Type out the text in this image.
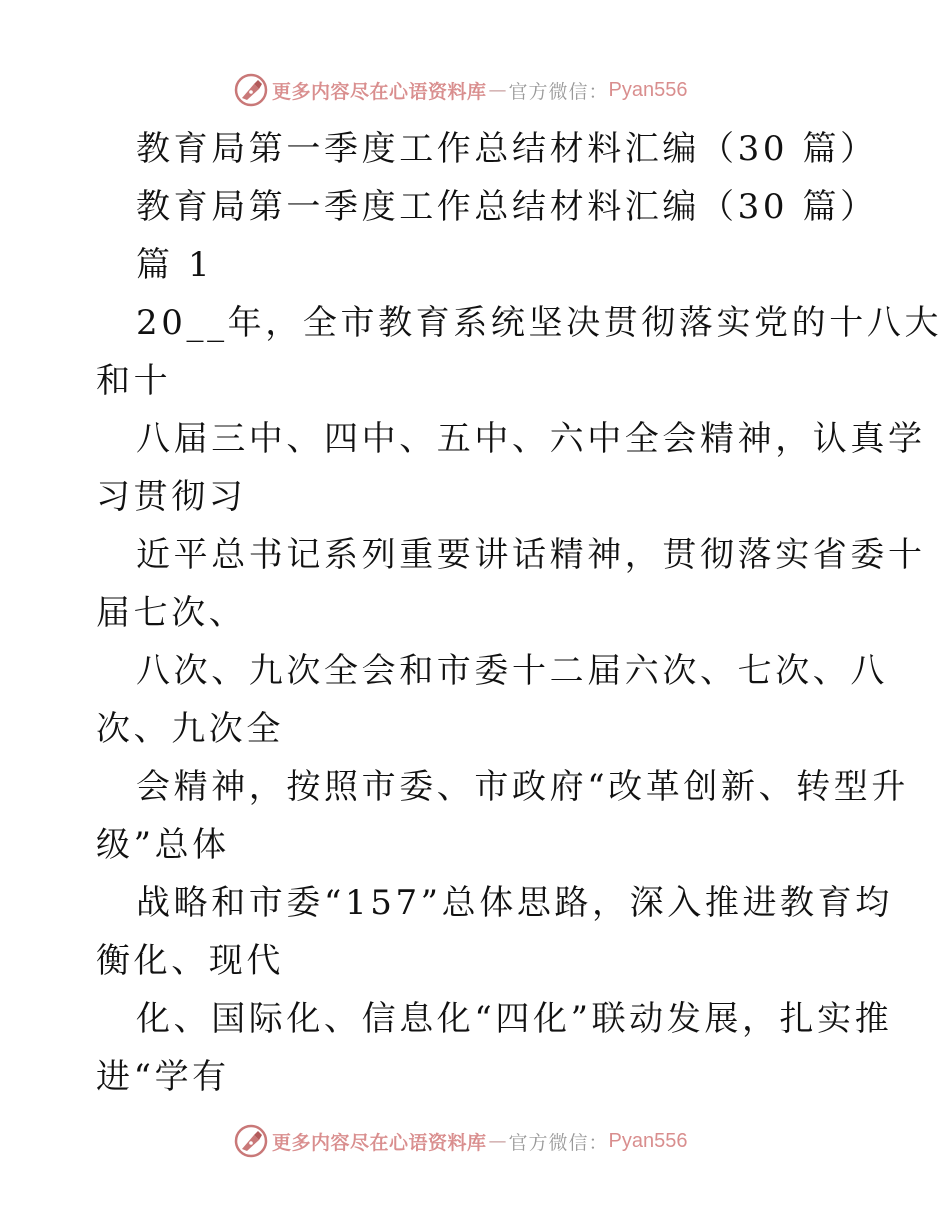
更多内容尽在心语资料库 — 官方微信： Pyan556
教育局第一季度工作总结材料汇编（30 篇）
教育局第一季度工作总结材料汇编（30 篇）
篇 1
20__年，全市教育系统坚决贯彻落实党的十八大
和十
八届三中、四中、五中、六中全会精神，认真学
习贯彻习
近平总书记系列重要讲话精神，贯彻落实省委十
届七次、
八次、九次全会和市委十二届六次、七次、八
次、九次全
会精神，按照市委、市政府“改革创新、转型升
级”总体
战略和市委“157”总体思路，深入推进教育均
衡化、现代
化、国际化、信息化“四化”联动发展，扎实推
进“学有
更多内容尽在心语资料库 — 官方微信： Pyan556
